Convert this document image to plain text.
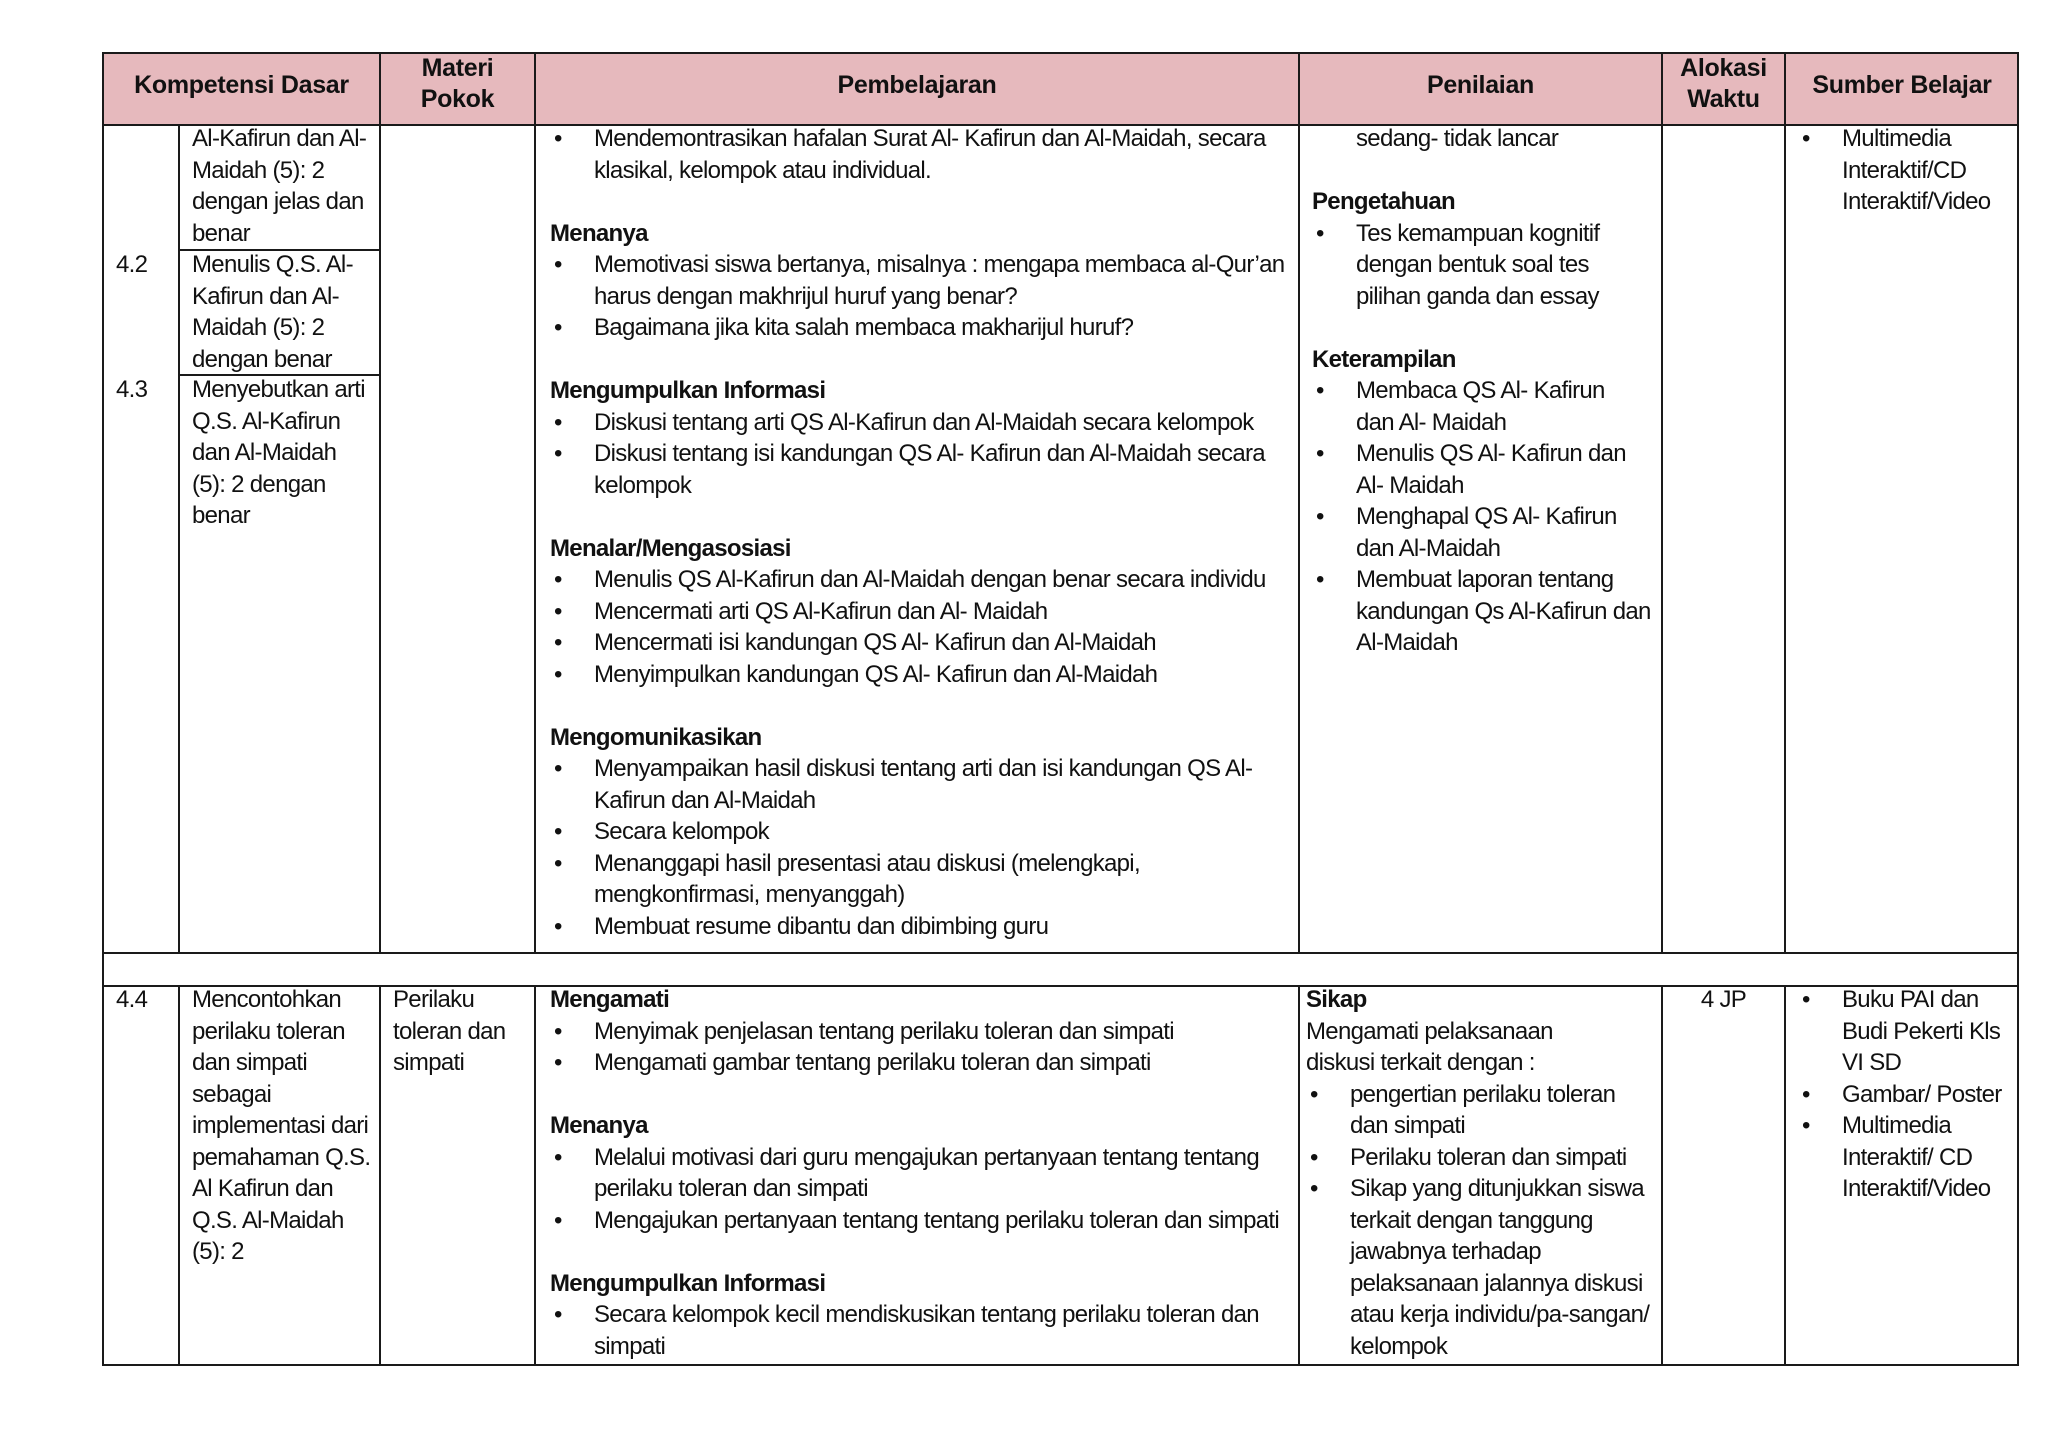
Kompetensi Dasar
Materi Pokok	Pembelajaran	Penilaian
Alokasi Waktu	Sumber Belajar
Al-Kafirun dan Al-Maidah (5): 2 dengan jelas dan benar
4.2 Menulis Q.S. Al-Kafirun dan Al-Maidah (5): 2 dengan benar
4.3 Menyebutkan arti Q.S. Al-Kafirun dan Al-Maidah (5): 2 dengan benar
• Mendemontrasikan hafalan Surat Al- Kafirun dan Al-Maidah, secara klasikal, kelompok atau individual.
Menanya
• Memotivasi siswa bertanya, misalnya : mengapa membaca al-Qur’an harus dengan makhrijul huruf yang benar?
• Bagaimana jika kita salah membaca makharijul huruf?
Mengumpulkan Informasi
• Diskusi tentang arti QS Al-Kafirun dan Al-Maidah secara kelompok
• Diskusi tentang isi kandungan QS Al- Kafirun dan Al-Maidah secara kelompok
Menalar/Mengasosiasi
• Menulis QS Al-Kafirun dan Al-Maidah dengan benar secara individu
• Mencermati arti QS Al-Kafirun dan Al- Maidah
• Mencermati isi kandungan QS Al- Kafirun dan Al-Maidah
• Menyimpulkan kandungan QS Al- Kafirun dan Al-Maidah
Mengomunikasikan
• Menyampaikan hasil diskusi tentang arti dan isi kandungan QS Al-Kafirun dan Al-Maidah
• Secara kelompok
• Menanggapi hasil presentasi atau diskusi (melengkapi, mengkonfirmasi, menyanggah)
• Membuat resume dibantu dan dibimbing guru
sedang- tidak lancar
Pengetahuan
• Tes kemampuan kognitif dengan bentuk soal tes pilihan ganda dan essay
Keterampilan
• Membaca QS Al- Kafirun dan Al- Maidah
• Menulis QS Al- Kafirun dan Al- Maidah
• Menghapal QS Al- Kafirun dan Al-Maidah
• Membuat laporan tentang kandungan Qs Al-Kafirun dan Al-Maidah
• Multimedia Interaktif/CD Interaktif/Video
4.4 Mencontohkan perilaku toleran dan simpati sebagai implementasi dari pemahaman Q.S. Al Kafirun dan Q.S. Al-Maidah (5): 2
Perilaku toleran dan simpati
Mengamati
• Menyimak penjelasan tentang perilaku toleran dan simpati
• Mengamati gambar tentang perilaku toleran dan simpati
Menanya
• Melalui motivasi dari guru mengajukan pertanyaan tentang tentang perilaku toleran dan simpati
• Mengajukan pertanyaan tentang tentang perilaku toleran dan simpati
Mengumpulkan Informasi
• Secara kelompok kecil mendiskusikan tentang perilaku toleran dan simpati
Sikap
Mengamati pelaksanaan diskusi terkait dengan :
• pengertian perilaku toleran dan simpati
• Perilaku toleran dan simpati
• Sikap yang ditunjukkan siswa terkait dengan tanggung jawabnya terhadap pelaksanaan jalannya diskusi atau kerja individu/pa-sangan/ kelompok
4 JP
•	Buku PAI dan Budi Pekerti Kls VI SD
• Gambar/ Poster
• Multimedia Interaktif/ CD Interaktif/Video
